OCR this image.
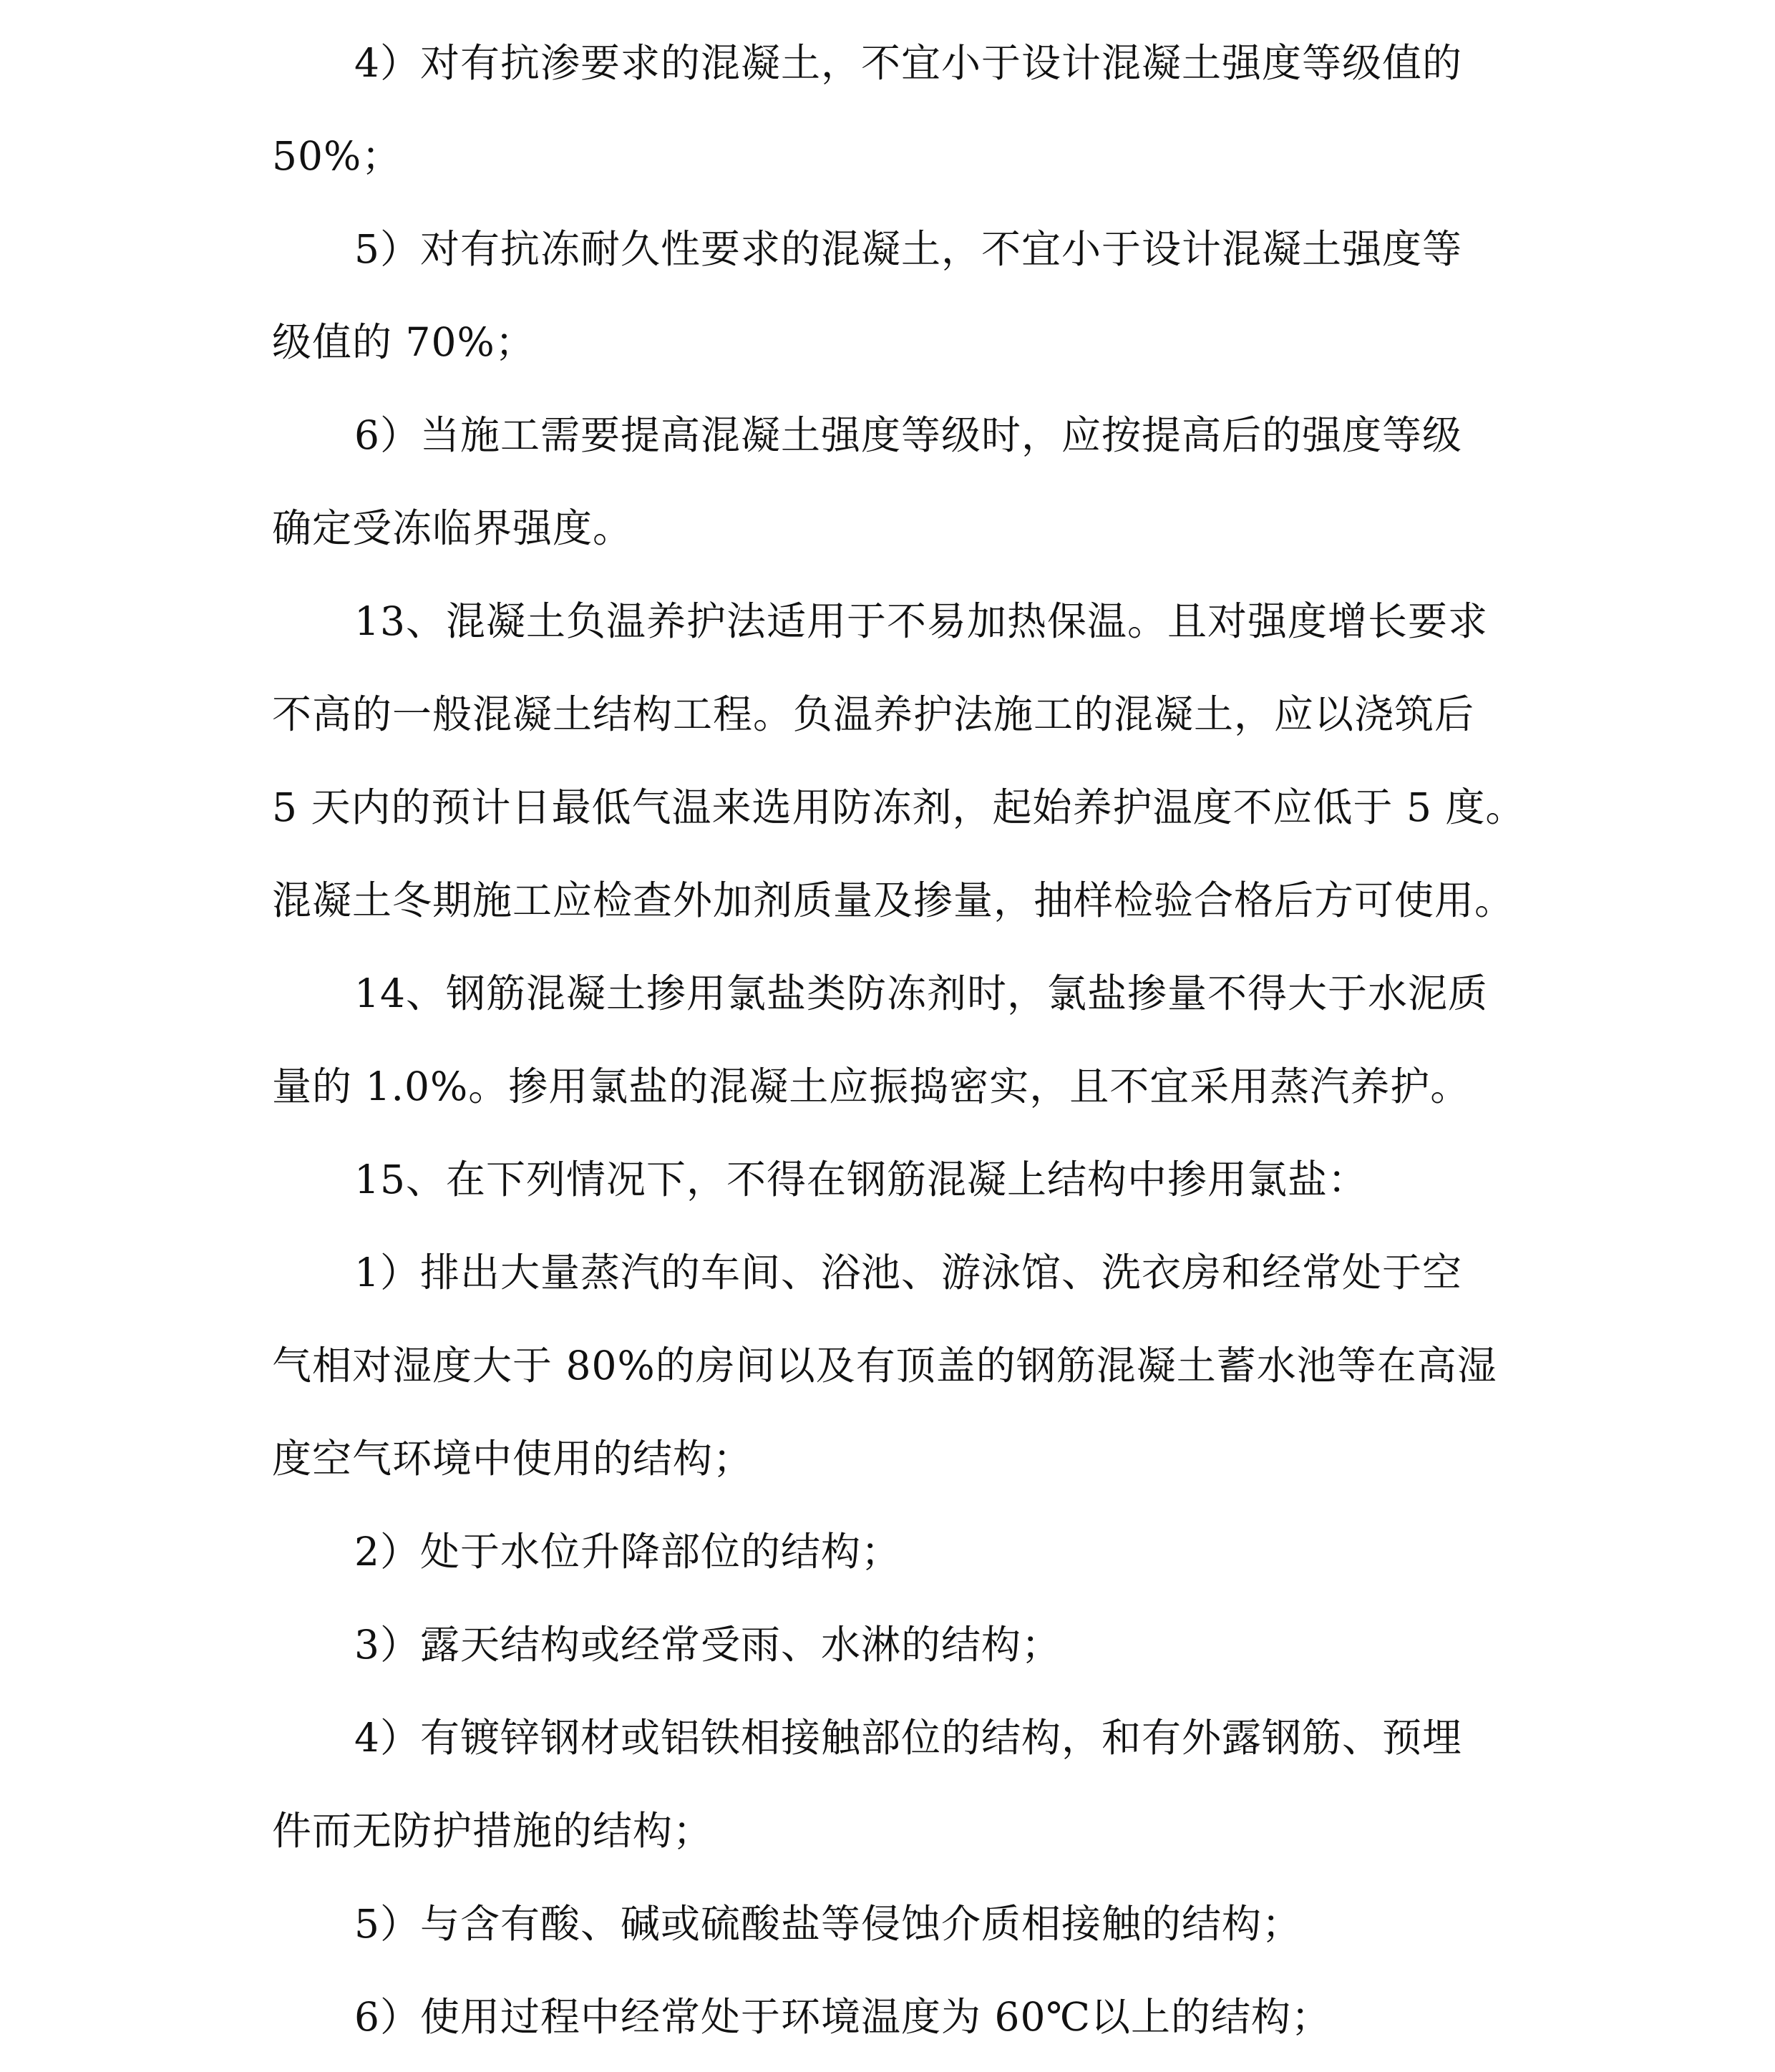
4）对有抗渗要求的混凝土，不宜小于设计混凝土强度等级值的
50%；
5）对有抗冻耐久性要求的混凝土，不宜小于设计混凝土强度等
级值的 70%；
6）当施工需要提高混凝土强度等级时，应按提高后的强度等级
确定受冻临界强度。
13、混凝土负温养护法适用于不易加热保温。且对强度增长要求
不高的一般混凝土结构工程。负温养护法施工的混凝土，应以浇筑后
5 天内的预计日最低气温来选用防冻剂，起始养护温度不应低于 5 度。
混凝土冬期施工应检查外加剂质量及掺量，抽样检验合格后方可使用。
14、钢筋混凝土掺用氯盐类防冻剂时，氯盐掺量不得大于水泥质
量的 1.0%。掺用氯盐的混凝土应振捣密实，且不宜采用蒸汽养护。
15、在下列情况下，不得在钢筋混凝上结构中掺用氯盐：
1）排出大量蒸汽的车间、浴池、游泳馆、洗衣房和经常处于空
气相对湿度大于 80%的房间以及有顶盖的钢筋混凝土蓄水池等在高湿
度空气环境中使用的结构；
2）处于水位升降部位的结构；
3）露天结构或经常受雨、水淋的结构；
4）有镀锌钢材或铝铁相接触部位的结构，和有外露钢筋、预埋
件而无防护措施的结构；
5）与含有酸、碱或硫酸盐等侵蚀介质相接触的结构；
6）使用过程中经常处于环境温度为 60℃以上的结构；
